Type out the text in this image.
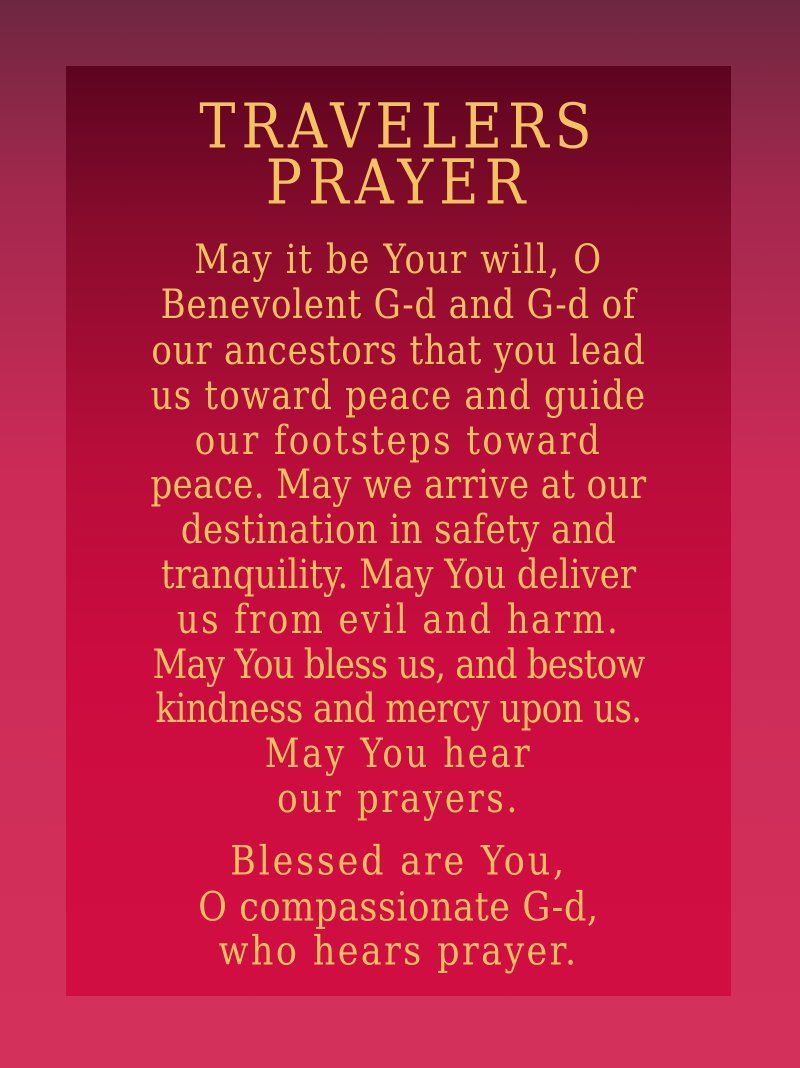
TRAVELERS
PRAYER
May it be Your will, O
Benevolent G-d and G-d of
our ancestors that you lead
us toward peace and guide
our footsteps toward
peace. May we arrive at our
destination in safety and
tranquility. May You deliver
us from evil and harm.
May You bless us, and bestow
kindness and mercy upon us.
May You hear
our prayers.
Blessed are You,
O compassionate G-d,
who hears prayer.
